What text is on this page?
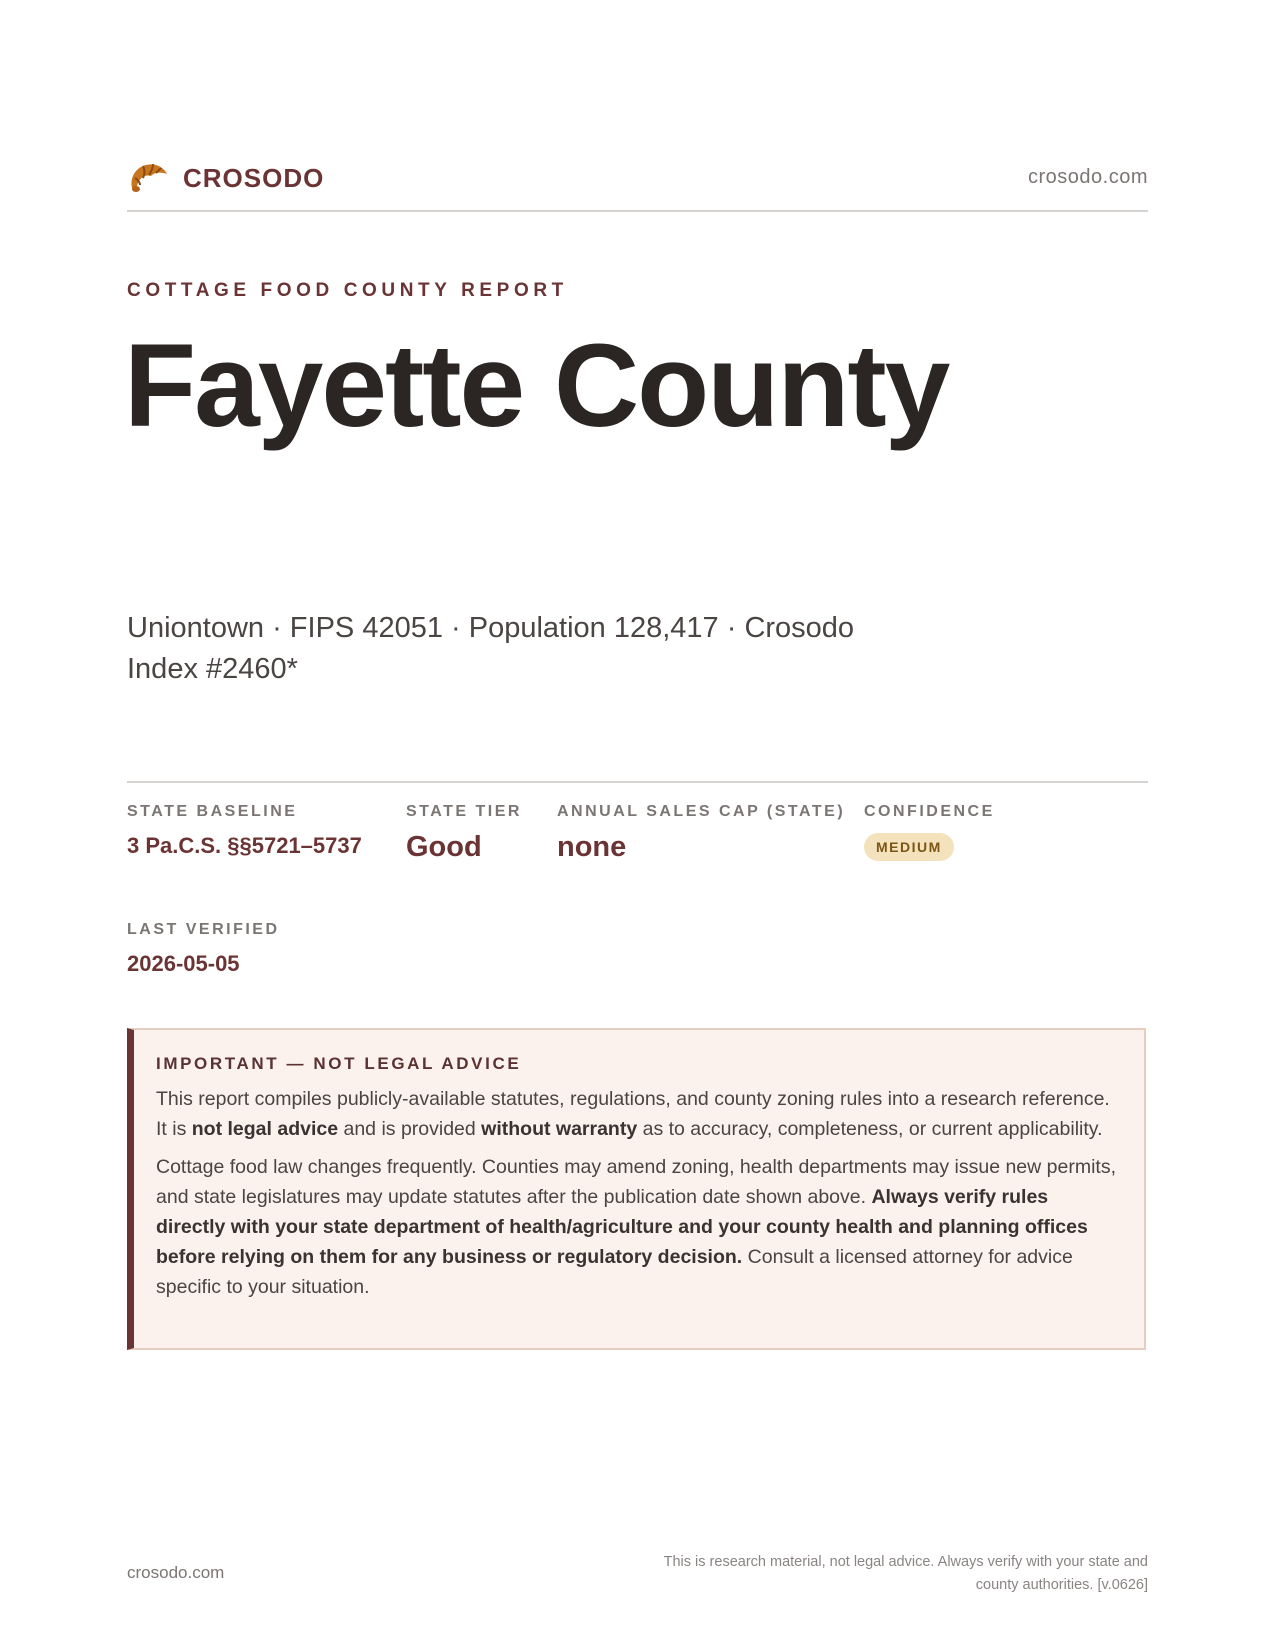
CROSODO	crosodo.com
COTTAGE FOOD COUNTY REPORT
Fayette County
Uniontown · FIPS 42051 · Population 128,417 · Crosodo Index #2460*
STATE BASELINE
3 Pa.C.S. §§5721–5737
STATE TIER
Good
ANNUAL SALES CAP (STATE)
none
CONFIDENCE
MEDIUM
LAST VERIFIED
2026-05-05
IMPORTANT — NOT LEGAL ADVICE

This report compiles publicly-available statutes, regulations, and county zoning rules into a research reference. It is not legal advice and is provided without warranty as to accuracy, completeness, or current applicability.

Cottage food law changes frequently. Counties may amend zoning, health departments may issue new permits, and state legislatures may update statutes after the publication date shown above. Always verify rules directly with your state department of health/agriculture and your county health and planning offices before relying on them for any business or regulatory decision. Consult a licensed attorney for advice specific to your situation.

crosodo.com
This is research material, not legal advice. Always verify with your state and county authorities. [v.0626]
